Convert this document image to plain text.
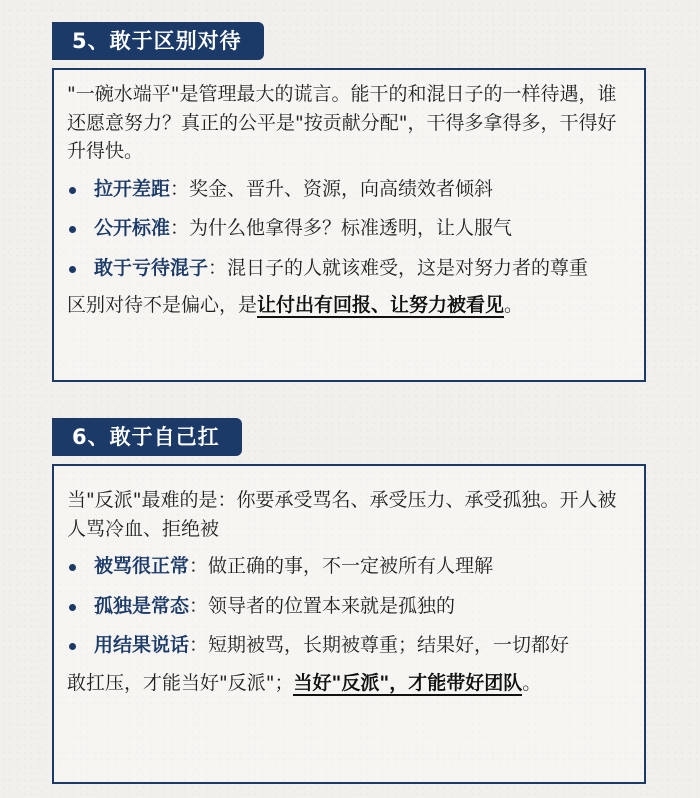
5、敢于区别对待

"一碗水端平"是管理最大的谎言。能干的和混日子的一样待遇，谁还愿意努力？真正的公平是"按贡献分配"，干得多拿得多，干得好升得快。

拉开差距：奖金、晋升、资源，向高绩效者倾斜
公开标准：为什么他拿得多？标准透明，让人服气
敢于亏待混子：混日子的人就该难受，这是对努力者的尊重

区别对待不是偏心，是让付出有回报、让努力被看见。

6、敢于自己扛

当"反派"最难的是：你要承受骂名、承受压力、承受孤独。开人被人骂冷血、拒绝被

被骂很正常：做正确的事，不一定被所有人理解
孤独是常态：领导者的位置本来就是孤独的
用结果说话：短期被骂，长期被尊重；结果好，一切都好

敢扛压，才能当好"反派"；当好"反派"，才能带好团队。
